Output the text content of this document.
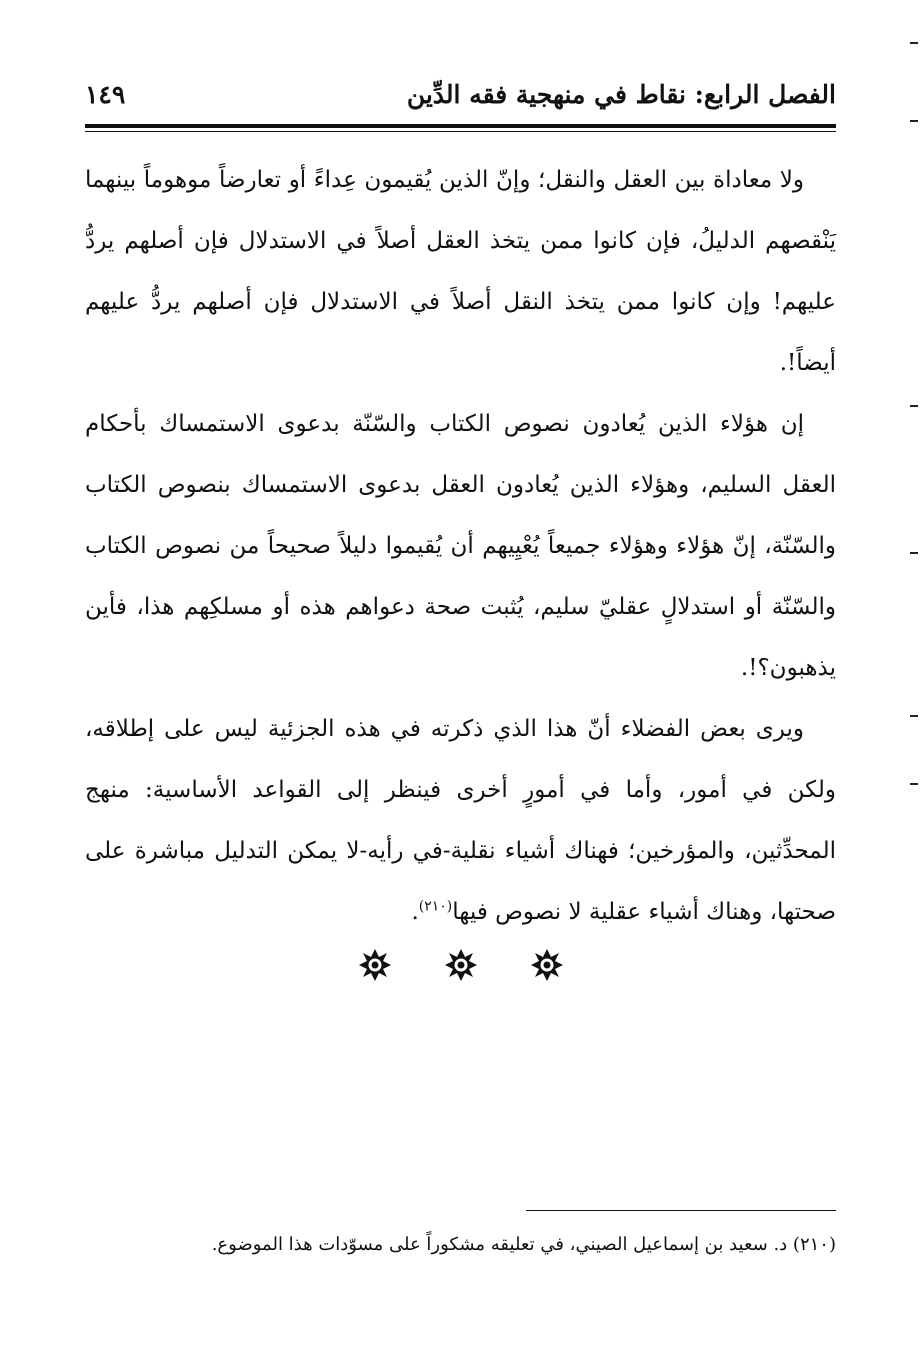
الفصل الرابع: نقاط في منهجية فقه الدِّين
١٤٩

ولا معاداة بين العقل والنقل؛ وإنّ الذين يُقيمون عِداءً أو تعارضاً موهوماً بينهما يَنْقصهم الدليلُ، فإن كانوا ممن يتخذ العقل أصلاً في الاستدلال فإن أصلهم يردُّ عليهم! وإن كانوا ممن يتخذ النقل أصلاً في الاستدلال فإن أصلهم يردُّ عليهم أيضاً!.

إن هؤلاء الذين يُعادون نصوص الكتاب والسّنّة بدعوى الاستمساك بأحكام العقل السليم، وهؤلاء الذين يُعادون العقل بدعوى الاستمساك بنصوص الكتاب والسّنّة، إنّ هؤلاء وهؤلاء جميعاً يُعْيِيهم أن يُقيموا دليلاً صحيحاً من نصوص الكتاب والسّنّة أو استدلالٍ عقليّ سليم، يُثبت صحة دعواهم هذه أو مسلكِهم هذا، فأين يذهبون؟!.

ويرى بعض الفضلاء أنّ هذا الذي ذكرته في هذه الجزئية ليس على إطلاقه، ولكن في أمور، وأما في أمورٍ أخرى فينظر إلى القواعد الأساسية: منهج المحدِّثين، والمؤرخين؛ فهناك أشياء نقلية-في رأيه-لا يمكن التدليل مباشرة على صحتها، وهناك أشياء عقلية لا نصوص فيها$^{(٢١٠)}$.

(٢١٠) د. سعيد بن إسماعيل الصيني، في تعليقه مشكوراً على مسوّدات هذا الموضوع.
